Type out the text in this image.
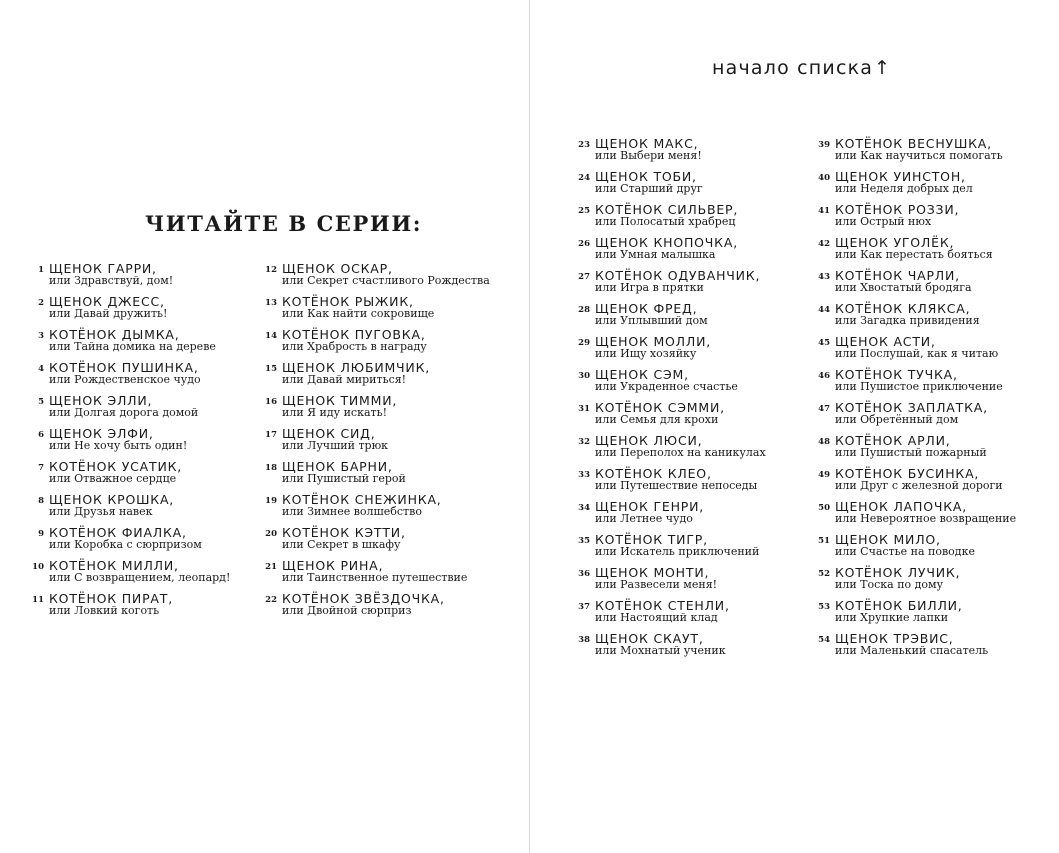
ЧИТАЙТЕ В СЕРИИ:
1 ЩЕНОК ГАРРИ,
или Здравствуй, дом!
2 ЩЕНОК ДЖЕСС,
или Давай дружить!
3 КОТЁНОК ДЫМКА,
или Тайна домика на дереве
4 КОТЁНОК ПУШИНКА,
или Рождественское чудо
5 ЩЕНОК ЭЛЛИ,
или Долгая дорога домой
6 ЩЕНОК ЭЛФИ,
или Не хочу быть один!
7 КОТЁНОК УСАТИК,
или Отважное сердце
8 ЩЕНОК КРОШКА,
или Друзья навек
9 КОТЁНОК ФИАЛКА,
или Коробка с сюрпризом
10 КОТЁНОК МИЛЛИ,
или С возвращением, леопард!
11 КОТЁНОК ПИРАТ,
или Ловкий коготь
12 ЩЕНОК ОСКАР,
или Секрет счастливого Рождества
13 КОТЁНОК РЫЖИК,
или Как найти сокровище
14 КОТЁНОК ПУГОВКА,
или Храбрость в награду
15 ЩЕНОК ЛЮБИМЧИК,
или Давай мириться!
16 ЩЕНОК ТИММИ,
или Я иду искать!
17 ЩЕНОК СИД,
или Лучший трюк
18 ЩЕНОК БАРНИ,
или Пушистый герой
19 КОТЁНОК СНЕЖИНКА,
или Зимнее волшебство
20 КОТЁНОК КЭТТИ,
или Секрет в шкафу
21 ЩЕНОК РИНА,
или Таинственное путешествие
22 КОТЁНОК ЗВЁЗДОЧКА,
или Двойной сюрприз
начало списка↑
23 ЩЕНОК МАКС,
или Выбери меня!
24 ЩЕНОК ТОБИ,
или Старший друг
25 КОТЁНОК СИЛЬВЕР,
или Полосатый храбрец
26 ЩЕНОК КНОПОЧКА,
или Умная малышка
27 КОТЁНОК ОДУВАНЧИК,
или Игра в прятки
28 ЩЕНОК ФРЕД,
или Уплывший дом
29 ЩЕНОК МОЛЛИ,
или Ищу хозяйку
30 ЩЕНОК СЭМ,
или Украденное счастье
31 КОТЁНОК СЭММИ,
или Семья для крохи
32 ЩЕНОК ЛЮСИ,
или Переполох на каникулах
33 КОТЁНОК КЛЕО,
или Путешествие непоседы
34 ЩЕНОК ГЕНРИ,
или Летнее чудо
35 КОТЁНОК ТИГР,
или Искатель приключений
36 ЩЕНОК МОНТИ,
или Развесели меня!
37 КОТЁНОК СТЕНЛИ,
или Настоящий клад
38 ЩЕНОК СКАУТ,
или Мохнатый ученик
39 КОТЁНОК ВЕСНУШКА,
или Как научиться помогать
40 ЩЕНОК УИНСТОН,
или Неделя добрых дел
41 КОТЁНОК РОЗЗИ,
или Острый нюх
42 ЩЕНОК УГОЛЁК,
или Как перестать бояться
43 КОТЁНОК ЧАРЛИ,
или Хвостатый бродяга
44 КОТЁНОК КЛЯКСА,
или Загадка привидения
45 ЩЕНОК АСТИ,
или Послушай, как я читаю
46 КОТЁНОК ТУЧКА,
или Пушистое приключение
47 КОТЁНОК ЗАПЛАТКА,
или Обретённый дом
48 КОТЁНОК АРЛИ,
или Пушистый пожарный
49 КОТЁНОК БУСИНКА,
или Друг с железной дороги
50 ЩЕНОК ЛАПОЧКА,
или Невероятное возвращение
51 ЩЕНОК МИЛО,
или Счастье на поводке
52 КОТЁНОК ЛУЧИК,
или Тоска по дому
53 КОТЁНОК БИЛЛИ,
или Хрупкие лапки
54 ЩЕНОК ТРЭВИС,
или Маленький спасатель
